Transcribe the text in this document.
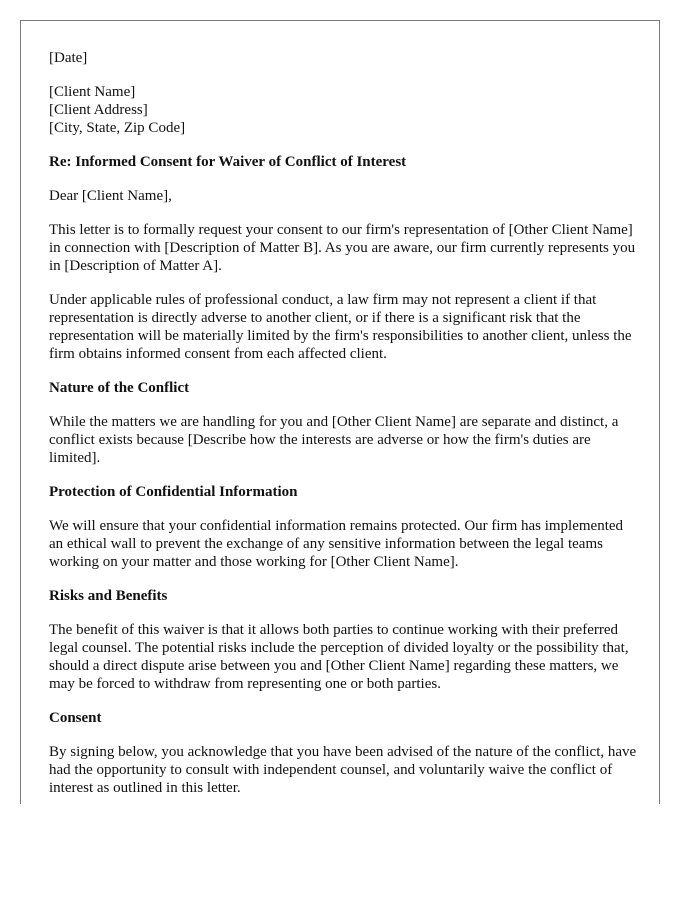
[Date]

[Client Name]
[Client Address]
[City, State, Zip Code]

Re: Informed Consent for Waiver of Conflict of Interest

Dear [Client Name],

This letter is to formally request your consent to our firm's representation of [Other Client Name] in connection with [Description of Matter B]. As you are aware, our firm currently represents you in [Description of Matter A].

Under applicable rules of professional conduct, a law firm may not represent a client if that representation is directly adverse to another client, or if there is a significant risk that the representation will be materially limited by the firm's responsibilities to another client, unless the firm obtains informed consent from each affected client.

Nature of the Conflict

While the matters we are handling for you and [Other Client Name] are separate and distinct, a conflict exists because [Describe how the interests are adverse or how the firm's duties are limited].

Protection of Confidential Information

We will ensure that your confidential information remains protected. Our firm has implemented an ethical wall to prevent the exchange of any sensitive information between the legal teams working on your matter and those working for [Other Client Name].

Risks and Benefits

The benefit of this waiver is that it allows both parties to continue working with their preferred legal counsel. The potential risks include the perception of divided loyalty or the possibility that, should a direct dispute arise between you and [Other Client Name] regarding these matters, we may be forced to withdraw from representing one or both parties.

Consent

By signing below, you acknowledge that you have been advised of the nature of the conflict, have had the opportunity to consult with independent counsel, and voluntarily waive the conflict of interest as outlined in this letter.
